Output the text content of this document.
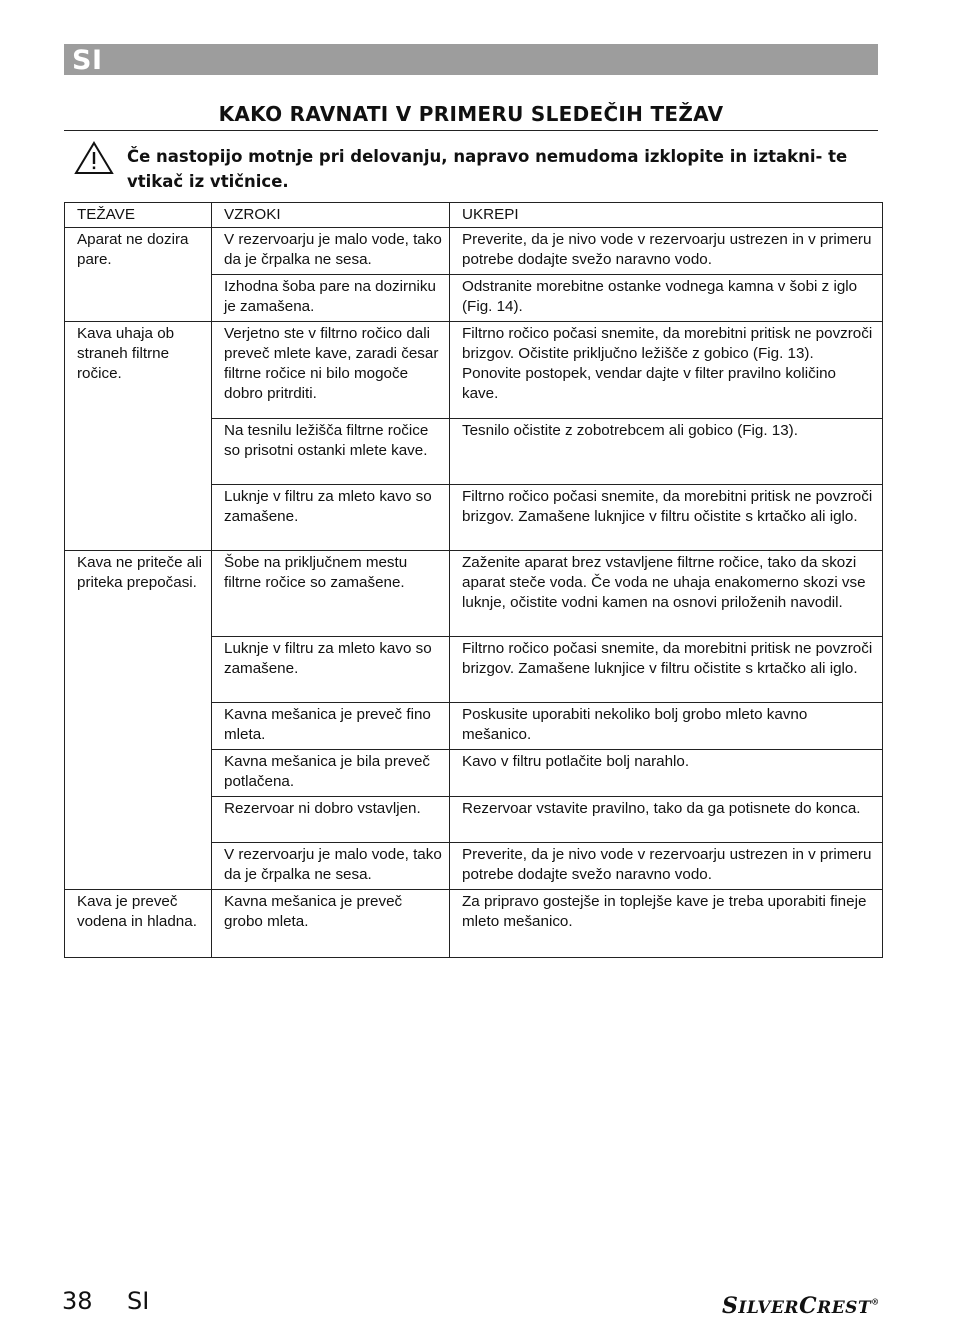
SI
KAKO RAVNATI V PRIMERU SLEDEČIH TEŽAV
Če nastopijo motnje pri delovanju, napravo nemudoma izklopite in iztakni- te vtikač iz vtičnice.
TEŽAVE	VZROKI	UKREPI
Aparat ne dozira pare.	V rezervoarju je malo vode, tako da je črpalka ne sesa.	Preverite, da je nivo vode v rezervoarju ustrezen in v primeru potrebe dodajte svežo naravno vodo.
	Izhodna šoba pare na dozirniku je zamašena.	Odstranite morebitne ostanke vodnega kamna v šobi z iglo (Fig. 14).
Kava uhaja ob straneh filtrne ročice.	Verjetno ste v filtrno ročico dali preveč mlete kave, zaradi česar filtrne ročice ni bilo mogoče dobro pritrditi.	Filtrno ročico počasi snemite, da morebitni pritisk ne povzroči brizgov. Očistite priključno ležišče z gobico (Fig. 13). Ponovite postopek, vendar dajte v filter pravilno količino kave.
	Na tesnilu ležišča filtrne ročice so prisotni ostanki mlete kave.	Tesnilo očistite z zobotrebcem ali gobico (Fig. 13).
	Luknje v filtru za mleto kavo so zamašene.	Filtrno ročico počasi snemite, da morebitni pritisk ne povzroči brizgov. Zamašene luknjice v filtru očistite s krtačko ali iglo.
Kava ne priteče ali priteka prepočasi.	Šobe na priključnem mestu filtrne ročice so zamašene.	Zaženite aparat brez vstavljene filtrne ročice, tako da skozi aparat steče voda. Če voda ne uhaja enakomerno skozi vse luknje, očistite vodni kamen na osnovi priloženih navodil.
	Luknje v filtru za mleto kavo so zamašene.	Filtrno ročico počasi snemite, da morebitni pritisk ne povzroči brizgov. Zamašene luknjice v filtru očistite s krtačko ali iglo.
	Kavna mešanica je preveč fino mleta.	Poskusite uporabiti nekoliko bolj grobo mleto kavno mešanico.
	Kavna mešanica je bila preveč potlačena.	Kavo v filtru potlačite bolj narahlo.
	Rezervoar ni dobro vstavljen.	Rezervoar vstavite pravilno, tako da ga potisnete do konca.
	V rezervoarju je malo vode, tako da je črpalka ne sesa.	Preverite, da je nivo vode v rezervoarju ustrezen in v primeru potrebe dodajte svežo naravno vodo.
Kava je preveč vodena in hladna.	Kavna mešanica je preveč grobo mleta.	Za pripravo gostejše in toplejše kave je treba uporabiti fineje mleto mešanico.
38 SI	SILVERCREST®
